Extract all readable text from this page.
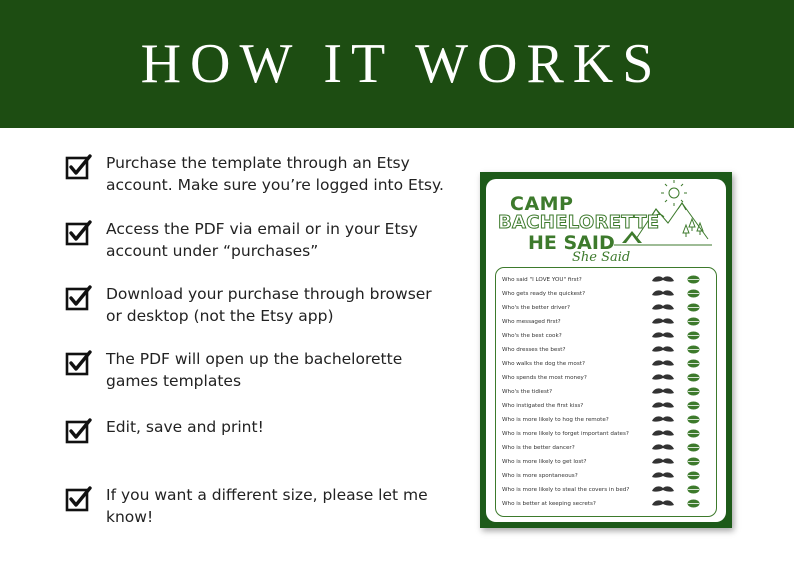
HOW IT WORKS

Purchase the template through an Etsy account. Make sure you’re logged into Etsy.

Access the PDF via email or in your Etsy account under “purchases”

Download your purchase through browser or desktop (not the Etsy app)

The PDF will open up the bachelorette games templates

Edit, save and print!

If you want a different size, please let me know!

CAMP
BACHELORETTE
HE SAID
She Said
Who said "I LOVE YOU" first?
Who gets ready the quickest?
Who's the better driver?
Who messaged first?
Who's the best cook?
Who dresses the best?
Who walks the dog the most?
Who spends the most money?
Who's the tidiest?
Who instigated the first kiss?
Who is more likely to hog the remote?
Who is more likely to forget important dates?
Who is the better dancer?
Who is more likely to get lost?
Who is more spontaneous?
Who is more likely to steal the covers in bed?
Who is better at keeping secrets?
